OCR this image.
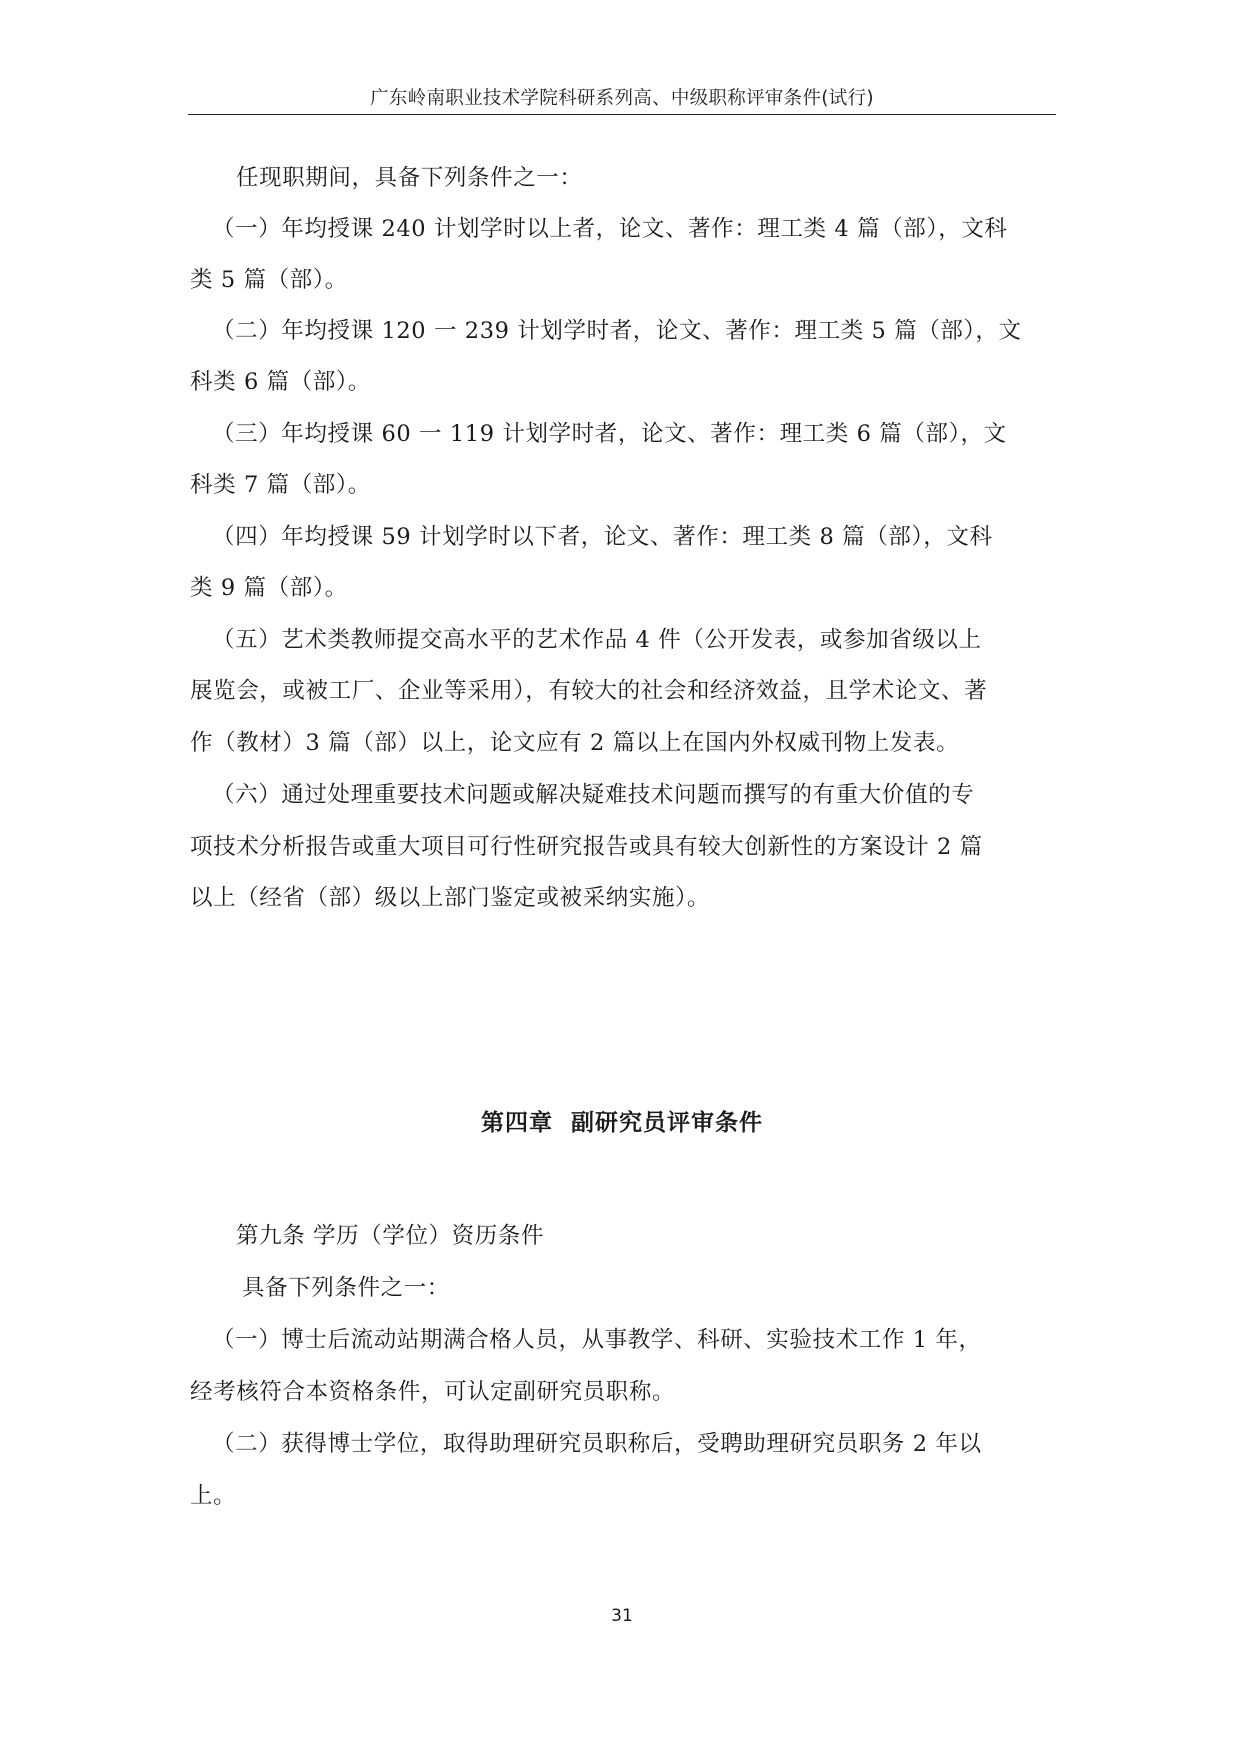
广东岭南职业技术学院科研系列高、中级职称评审条件(试行)
任现职期间，具备下列条件之一：
（一）年均授课 240 计划学时以上者，论文、著作：理工类 4 篇（部），文科
类 5 篇（部）。
（二）年均授课 120 一 239 计划学时者，论文、著作：理工类 5 篇（部），文
科类 6 篇（部）。
（三）年均授课 60 一 119 计划学时者，论文、著作：理工类 6 篇（部），文
科类 7 篇（部）。
（四）年均授课 59 计划学时以下者，论文、著作：理工类 8 篇（部），文科
类 9 篇（部）。
（五）艺术类教师提交高水平的艺术作品 4 件（公开发表，或参加省级以上
展览会，或被工厂、企业等采用），有较大的社会和经济效益，且学术论文、著
作（教材）3 篇（部）以上，论文应有 2 篇以上在国内外权威刊物上发表。
（六）通过处理重要技术问题或解决疑难技术问题而撰写的有重大价值的专
项技术分析报告或重大项目可行性研究报告或具有较大创新性的方案设计 2 篇
以上（经省（部）级以上部门鉴定或被采纳实施）。
第四章  副研究员评审条件
第九条 学历（学位）资历条件
具备下列条件之一：
（一）博士后流动站期满合格人员，从事教学、科研、实验技术工作 1 年，
经考核符合本资格条件，可认定副研究员职称。
（二）获得博士学位，取得助理研究员职称后，受聘助理研究员职务 2 年以
上。
31
